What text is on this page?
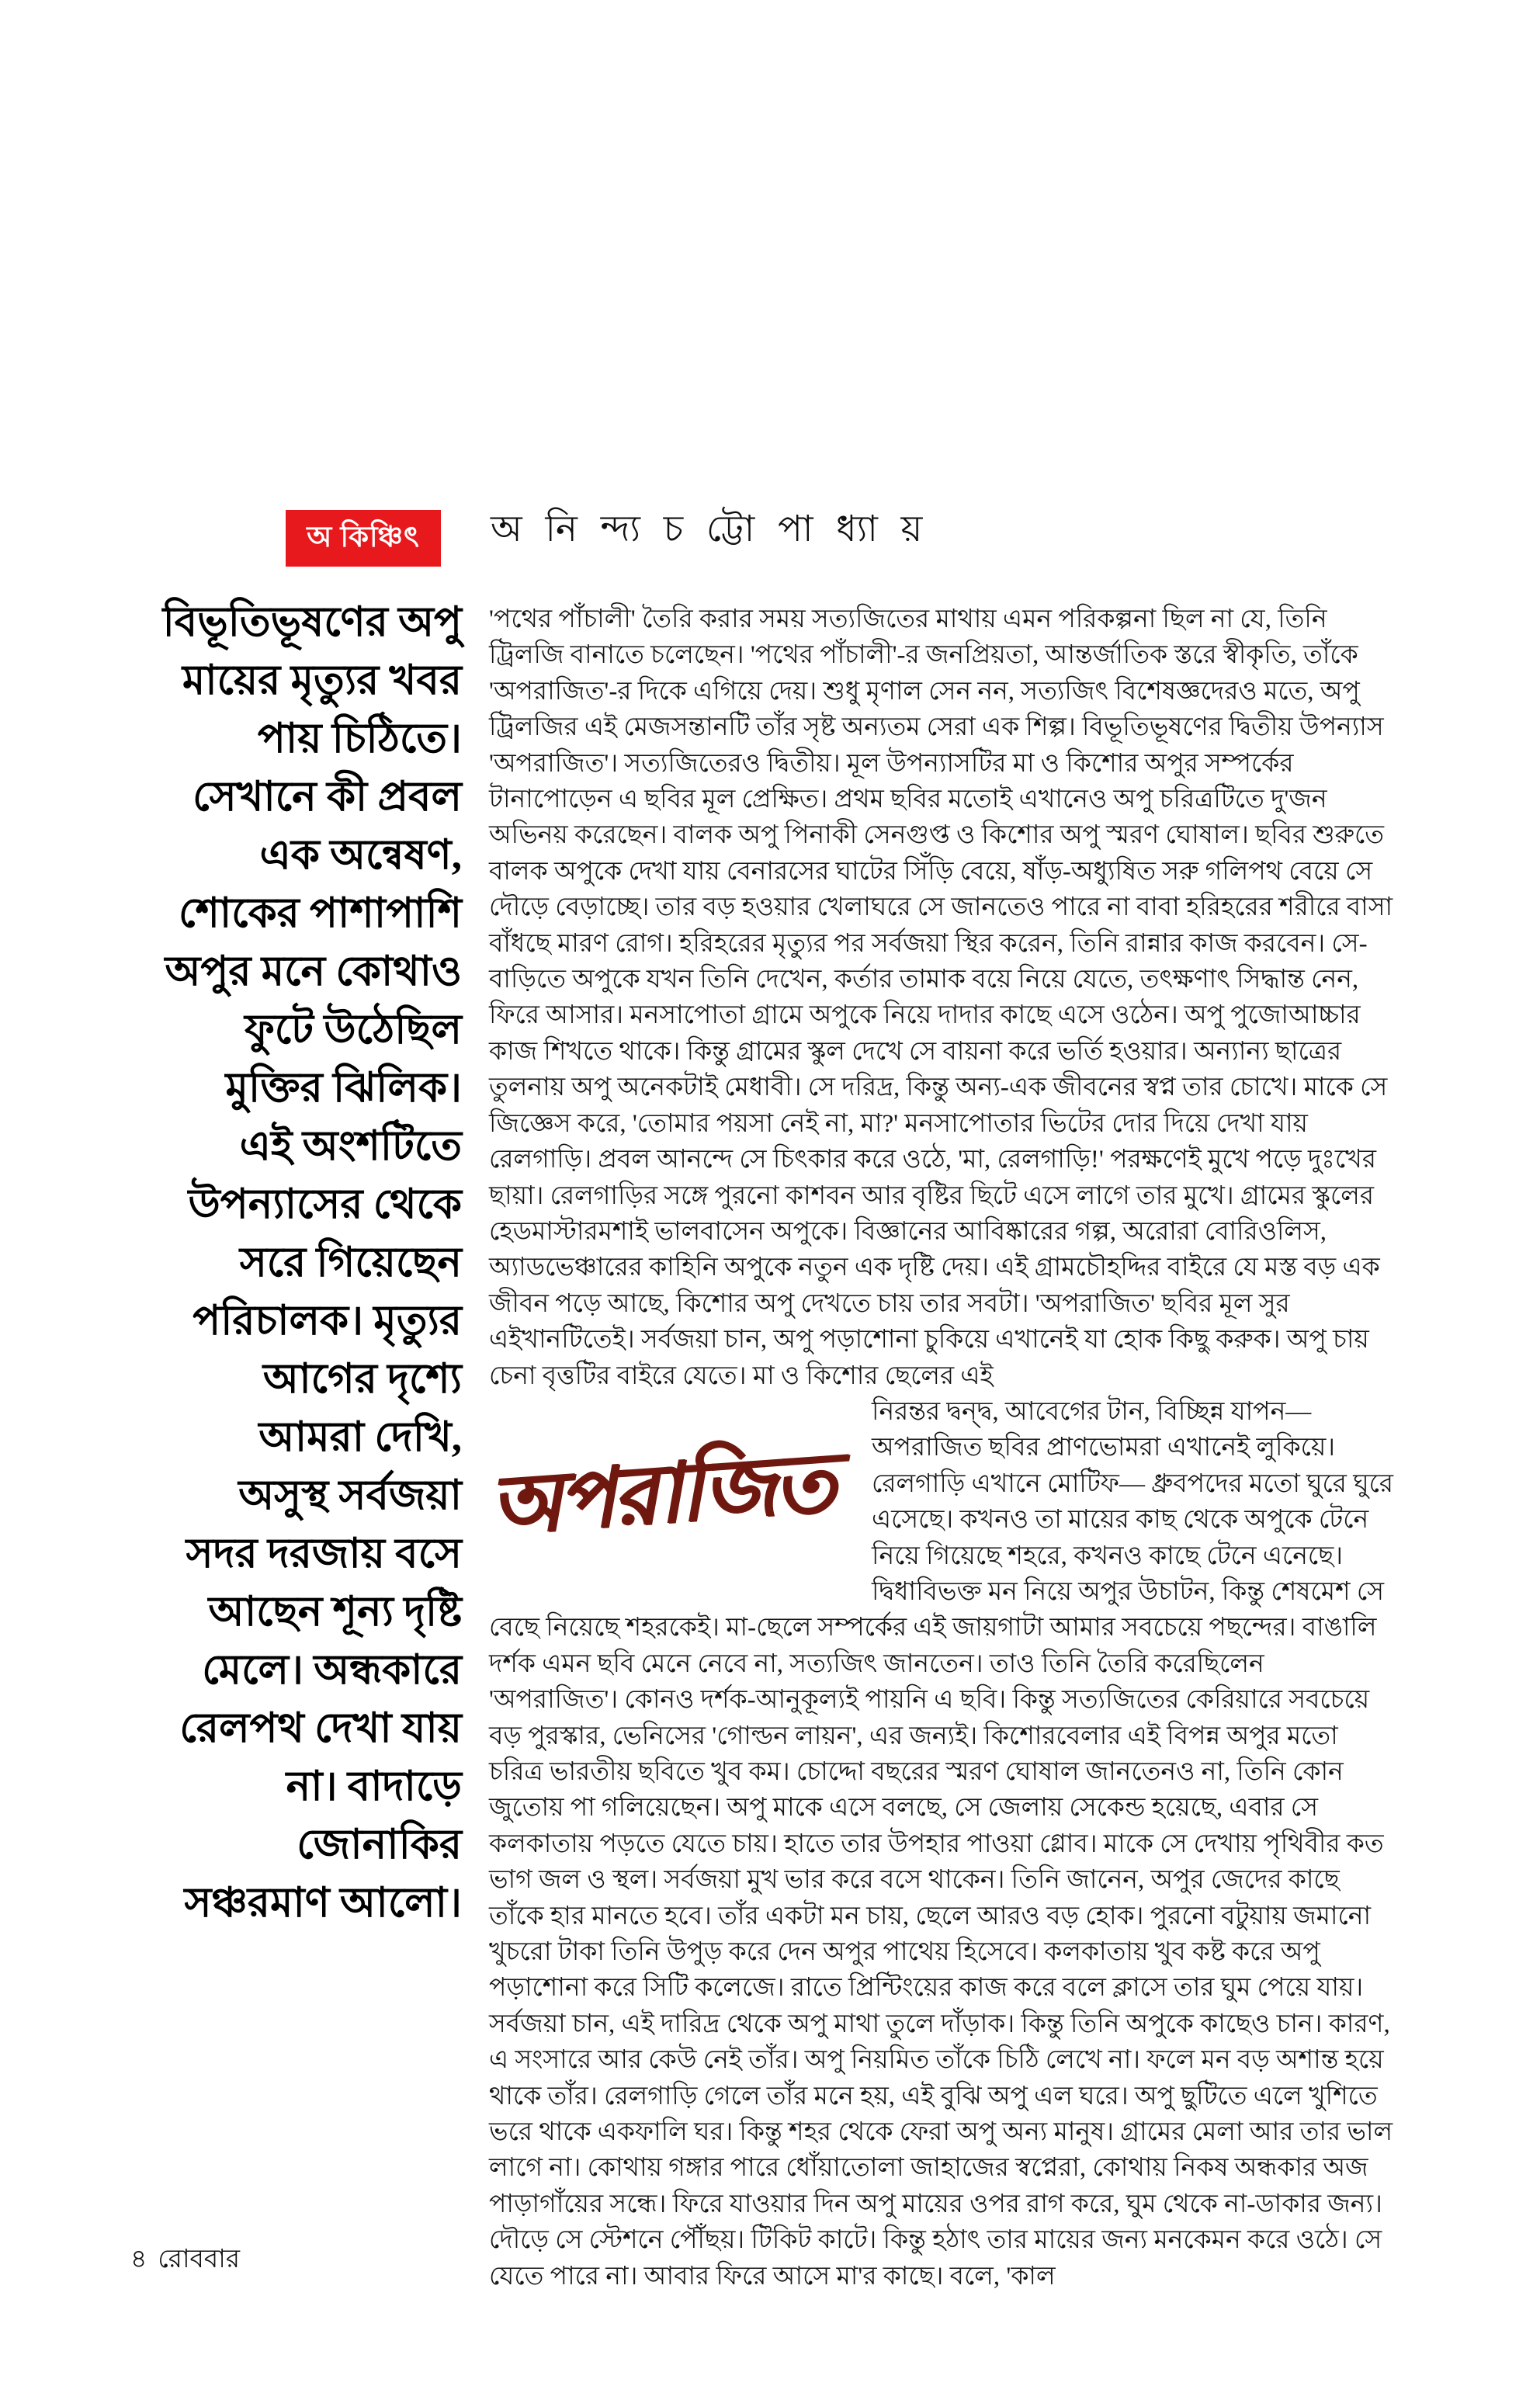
অ কিঞ্চিৎ অ নি ন্দ্য চ ট্টো পা ধ্যা য়
বিভূতিভূষণের অপু
মায়ের মৃত্যুর খবর
পায় চিঠিতে।
সেখানে কী প্রবল
এক অন্বেষণ,
শোকের পাশাপাশি
অপুর মনে কোথাও
ফুটে উঠেছিল
মুক্তির ঝিলিক।
এই অংশটিতে
উপন্যাসের থেকে
সরে গিয়েছেন
পরিচালক। মৃত্যুর
আগের দৃশ্যে
আমরা দেখি,
অসুস্থ সর্বজয়া
সদর দরজায় বসে
আছেন শূন্য দৃষ্টি
মেলে। অন্ধকারে
রেলপথ দেখা যায়
না। বাদাড়ে
জোনাকির
সঞ্চরমাণ আলো।

'পথের পাঁচালী' তৈরি করার সময় সত্যজিতের মাথায় এমন পরিকল্পনা ছিল না যে, তিনি ট্রিলজি বানাতে চলেছেন। 'পথের পাঁচালী'-র জনপ্রিয়তা, আন্তর্জাতিক স্তরে স্বীকৃতি, তাঁকে 'অপরাজিত'-র দিকে এগিয়ে দেয়। শুধু মৃণাল সেন নন, সত্যজিৎ বিশেষজ্ঞদেরও মতে, অপু ট্রিলজির এই মেজসন্তানটি তাঁর সৃষ্ট অন্যতম সেরা এক শিল্প। বিভূতিভূষণের দ্বিতীয় উপন্যাস 'অপরাজিত'। সত্যজিতেরও দ্বিতীয়। মূল উপন্যাসটির মা ও কিশোর অপুর সম্পর্কের টানাপোড়েন এ ছবির মূল প্রেক্ষিত। প্রথম ছবির মতোই এখানেও অপু চরিত্রটিতে দু'জন অভিনয় করেছেন। বালক অপু পিনাকী সেনগুপ্ত ও কিশোর অপু স্মরণ ঘোষাল। ছবির শুরুতে বালক অপুকে দেখা যায় বেনারসের ঘাটের সিঁড়ি বেয়ে, ষাঁড়-অধ্যুষিত সরু গলিপথ বেয়ে সে দৌড়ে বেড়াচ্ছে। তার বড় হওয়ার খেলাঘরে সে জানতেও পারে না বাবা হরিহরের শরীরে বাসা বাঁধছে মারণ রোগ। হরিহরের মৃত্যুর পর সর্বজয়া স্থির করেন, তিনি রান্নার কাজ করবেন। সে-বাড়িতে অপুকে যখন তিনি দেখেন, কর্তার তামাক বয়ে নিয়ে যেতে, তৎক্ষণাৎ সিদ্ধান্ত নেন, ফিরে আসার। মনসাপোতা গ্রামে অপুকে নিয়ে দাদার কাছে এসে ওঠেন। অপু পুজোআচ্চার কাজ শিখতে থাকে। কিন্তু গ্রামের স্কুল দেখে সে বায়না করে ভর্তি হওয়ার। অন্যান্য ছাত্রের তুলনায় অপু অনেকটাই মেধাবী। সে দরিদ্র, কিন্তু অন্য-এক জীবনের স্বপ্ন তার চোখে। মাকে সে জিজ্ঞেস করে, 'তোমার পয়সা নেই না, মা?' মনসাপোতার ভিটের দোর দিয়ে দেখা যায় রেলগাড়ি। প্রবল আনন্দে সে চিৎকার করে ওঠে, 'মা, রেলগাড়ি!' পরক্ষণেই মুখে পড়ে দুঃখের ছায়া। রেলগাড়ির সঙ্গে পুরনো কাশবন আর বৃষ্টির ছিটে এসে লাগে তার মুখে। গ্রামের স্কুলের হেডমাস্টারমশাই ভালবাসেন অপুকে। বিজ্ঞানের আবিষ্কারের গল্প, অরোরা বোরিওলিস, অ্যাডভেঞ্চারের কাহিনি অপুকে নতুন এক দৃষ্টি দেয়। এই গ্রামচৌহদ্দির বাইরে যে মস্ত বড় এক জীবন পড়ে আছে, কিশোর অপু দেখতে চায় তার সবটা। 'অপরাজিত' ছবির মূল সুর এইখানটিতেই। সর্বজয়া চান, অপু পড়াশোনা চুকিয়ে এখানেই যা হোক কিছু করুক। অপু চায় চেনা বৃত্তটির বাইরে যেতে। মা ও কিশোর ছেলের এই

অপরাজিত

নিরন্তর দ্বন্দ্ব, আবেগের টান, বিচ্ছিন্ন যাপন— অপরাজিত ছবির প্রাণভোমরা এখানেই লুকিয়ে। রেলগাড়ি এখানে মোটিফ— ধ্রুবপদের মতো ঘুরে ঘুরে এসেছে। কখনও তা মায়ের কাছ থেকে অপুকে টেনে নিয়ে গিয়েছে শহরে, কখনও কাছে টেনে এনেছে। দ্বিধাবিভক্ত মন নিয়ে অপুর উচাটন, কিন্তু শেষমেশ সে বেছে নিয়েছে শহরকেই। মা-ছেলে সম্পর্কের এই জায়গাটা আমার সবচেয়ে পছন্দের। বাঙালি দর্শক এমন ছবি মেনে নেবে না, সত্যজিৎ জানতেন। তাও তিনি তৈরি করেছিলেন 'অপরাজিত'। কোনও দর্শক-আনুকূল্যই পায়নি এ ছবি। কিন্তু সত্যজিতের কেরিয়ারে সবচেয়ে বড় পুরস্কার, ভেনিসের 'গোল্ডন লায়ন', এর জন্যই। কিশোরবেলার এই বিপন্ন অপুর মতো চরিত্র ভারতীয় ছবিতে খুব কম। চোদ্দো বছরের স্মরণ ঘোষাল জানতেনও না, তিনি কোন জুতোয় পা গলিয়েছেন। অপু মাকে এসে বলছে, সে জেলায় সেকেন্ড হয়েছে, এবার সে কলকাতায় পড়তে যেতে চায়। হাতে তার উপহার পাওয়া গ্লোব। মাকে সে দেখায় পৃথিবীর কত ভাগ জল ও স্থল। সর্বজয়া মুখ ভার করে বসে থাকেন। তিনি জানেন, অপুর জেদের কাছে তাঁকে হার মানতে হবে। তাঁর একটা মন চায়, ছেলে আরও বড় হোক। পুরনো বটুয়ায় জমানো খুচরো টাকা তিনি উপুড় করে দেন অপুর পাথেয় হিসেবে। কলকাতায় খুব কষ্ট করে অপু পড়াশোনা করে সিটি কলেজে। রাতে প্রিন্টিংয়ের কাজ করে বলে ক্লাসে তার ঘুম পেয়ে যায়। সর্বজয়া চান, এই দারিদ্র থেকে অপু মাথা তুলে দাঁড়াক। কিন্তু তিনি অপুকে কাছেও চান। কারণ, এ সংসারে আর কেউ নেই তাঁর। অপু নিয়মিত তাঁকে চিঠি লেখে না। ফলে মন বড় অশান্ত হয়ে থাকে তাঁর। রেলগাড়ি গেলে তাঁর মনে হয়, এই বুঝি অপু এল ঘরে। অপু ছুটিতে এলে খুশিতে ভরে থাকে একফালি ঘর। কিন্তু শহর থেকে ফেরা অপু অন্য মানুষ। গ্রামের মেলা আর তার ভাল লাগে না। কোথায় গঙ্গার পারে ধোঁয়াতোলা জাহাজের স্বপ্নেরা, কোথায় নিকষ অন্ধকার অজ পাড়াগাঁয়ের সন্ধে। ফিরে যাওয়ার দিন অপু মায়ের ওপর রাগ করে, ঘুম থেকে না-ডাকার জন্য। দৌড়ে সে স্টেশনে পৌঁছয়। টিকিট কাটে। কিন্তু হঠাৎ তার মায়ের জন্য মনকেমন করে ওঠে। সে যেতে পারে না। আবার ফিরে আসে মা'র কাছে। বলে, 'কাল

৪ রোববার
